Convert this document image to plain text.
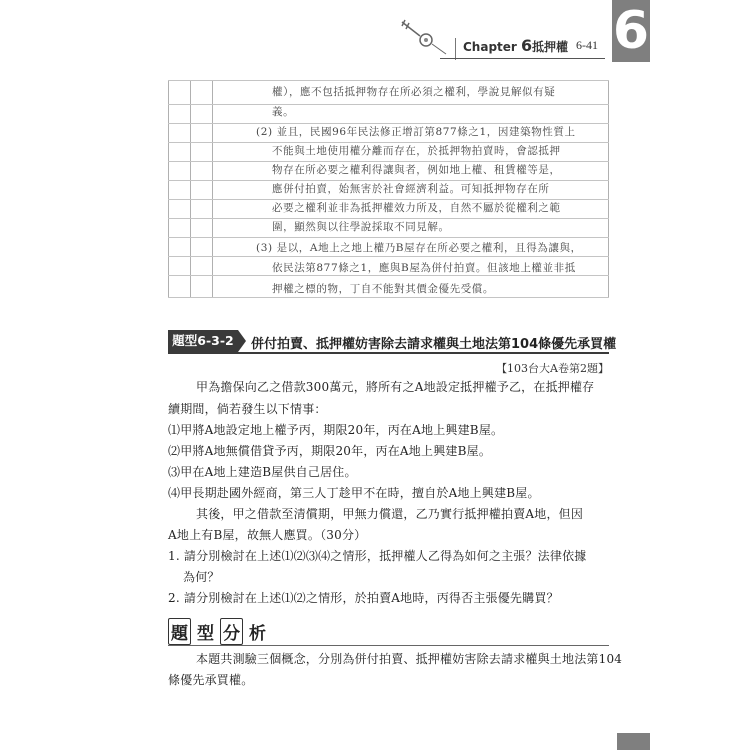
Chapter 6 抵押權 6-41 6
權），應不包括抵押物存在所必須之權利，學說見解似有疑
義。
(2) 並且，民國96年民法修正增訂第877條之1，因建築物性質上
不能與土地使用權分離而存在，於抵押物拍賣時，會認抵押
物存在所必要之權利得讓與者，例如地上權、租賃權等是，
應併付拍賣，始無害於社會經濟利益。可知抵押物存在所
必要之權利並非為抵押權效力所及，自然不屬於從權利之範
圍，顯然與以往學說採取不同見解。
(3) 是以，A地上之地上權乃B屋存在所必要之權利，且得為讓與，
依民法第877條之1，應與B屋為併付拍賣。但該地上權並非抵
押權之標的物，丁自不能對其價金優先受償。
題型6-3-2	併付拍賣、抵押權妨害除去請求權與土地法第104條優先承買權
【103台大A卷第2題】
甲為擔保向乙之借款300萬元，將所有之A地設定抵押權予乙，在抵押權存
續期間，倘若發生以下情事：
⑴甲將A地設定地上權予丙，期限20年，丙在A地上興建B屋。
⑵甲將A地無償借貸予丙，期限20年，丙在A地上興建B屋。
⑶甲在A地上建造B屋供自己居住。
⑷甲長期赴國外經商，第三人丁趁甲不在時，擅自於A地上興建B屋。
其後，甲之借款至清償期，甲無力償還，乙乃實行抵押權拍賣A地，但因
A地上有B屋，故無人應買。（30分）
1. 請分別檢討在上述⑴⑵⑶⑷之情形，抵押權人乙得為如何之主張？法律依據
為何？
2. 請分別檢討在上述⑴⑵之情形，於拍賣A地時，丙得否主張優先購買？
題 型 分 析
本題共測驗三個概念，分別為併付拍賣、抵押權妨害除去請求權與土地法第104
條優先承買權。
